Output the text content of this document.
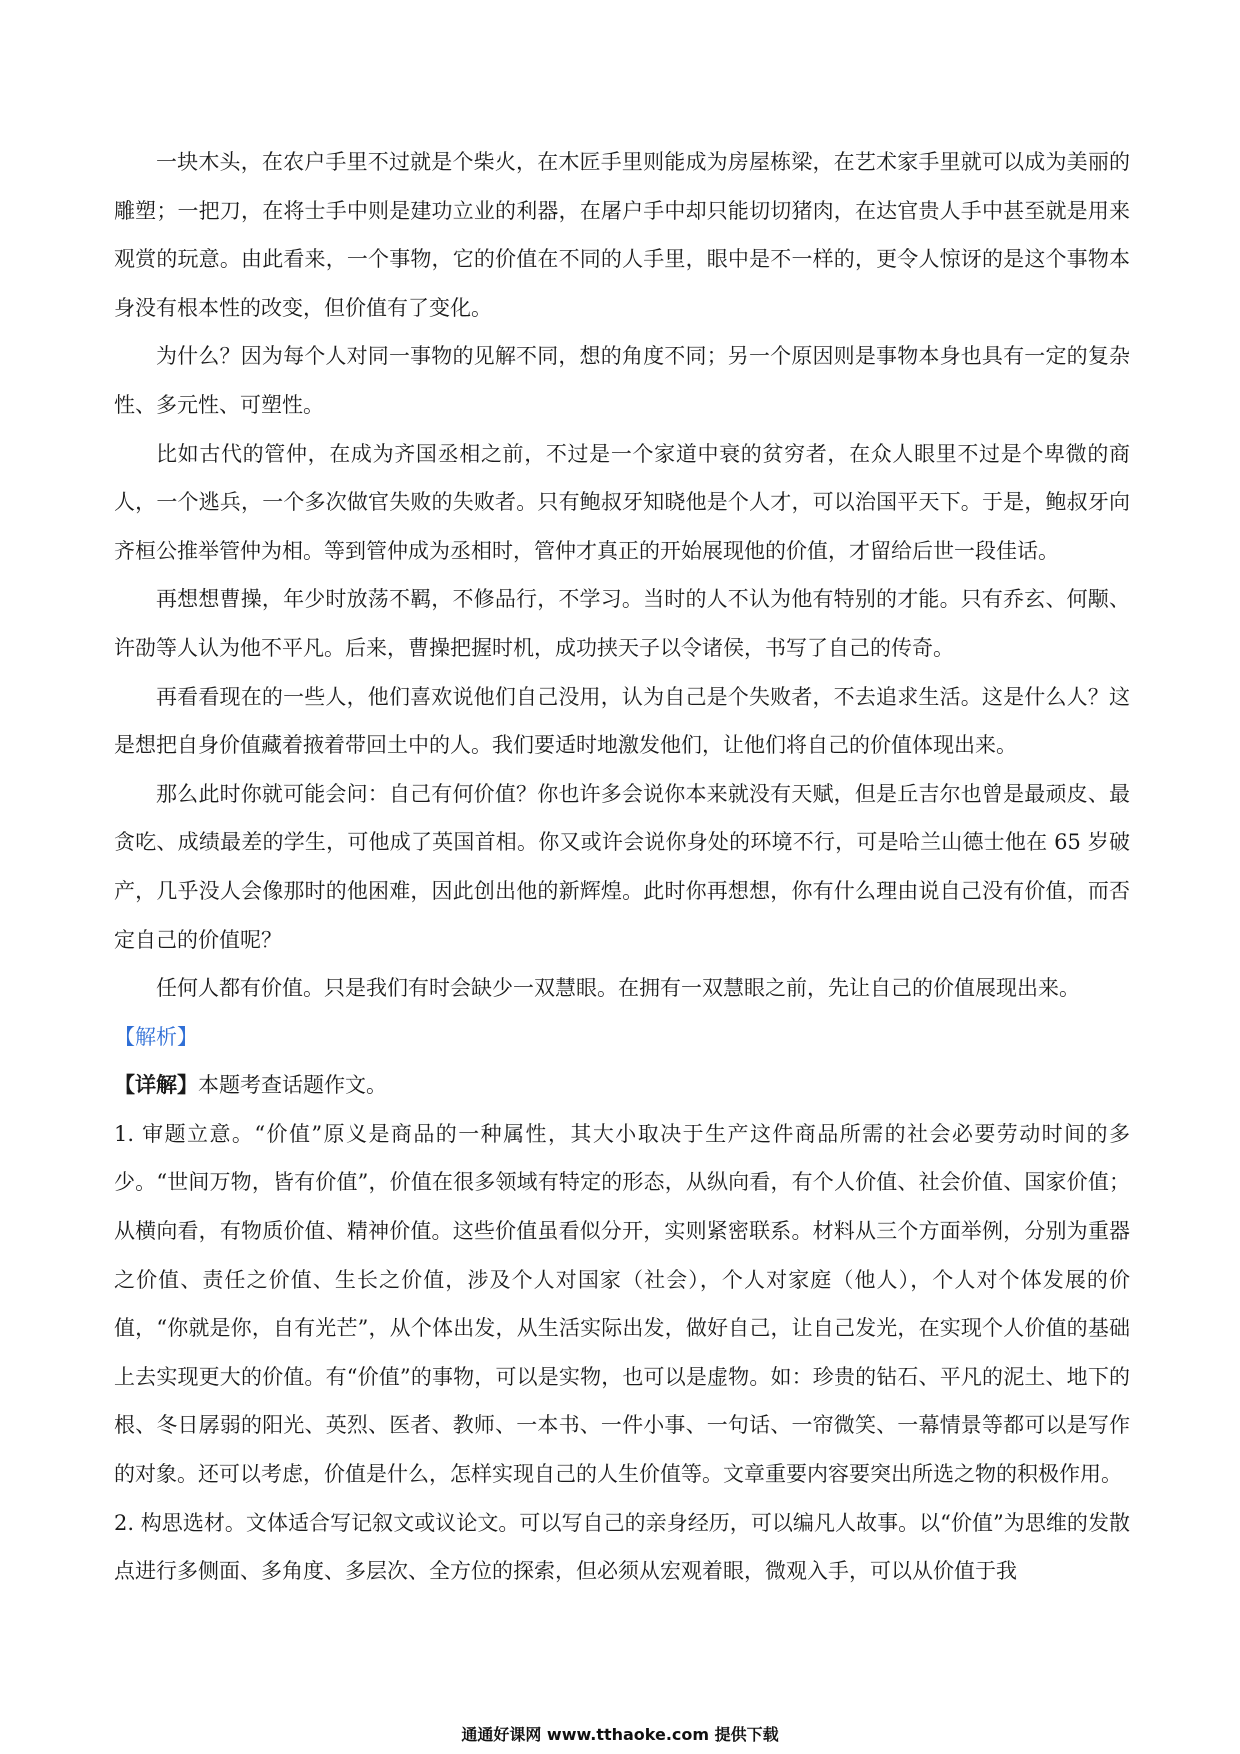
一块木头，在农户手里不过就是个柴火，在木匠手里则能成为房屋栋梁，在艺术家手里就可以成为美丽的雕塑；一把刀，在将士手中则是建功立业的利器，在屠户手中却只能切切猪肉，在达官贵人手中甚至就是用来观赏的玩意。由此看来，一个事物，它的价值在不同的人手里，眼中是不一样的，更令人惊讶的是这个事物本身没有根本性的改变，但价值有了变化。

为什么？因为每个人对同一事物的见解不同，想的角度不同；另一个原因则是事物本身也具有一定的复杂性、多元性、可塑性。

比如古代的管仲，在成为齐国丞相之前，不过是一个家道中衰的贫穷者，在众人眼里不过是个卑微的商人，一个逃兵，一个多次做官失败的失败者。只有鲍叔牙知晓他是个人才，可以治国平天下。于是，鲍叔牙向齐桓公推举管仲为相。等到管仲成为丞相时，管仲才真正的开始展现他的价值，才留给后世一段佳话。

再想想曹操，年少时放荡不羁，不修品行，不学习。当时的人不认为他有特别的才能。只有乔玄、何颙、许劭等人认为他不平凡。后来，曹操把握时机，成功挟天子以令诸侯，书写了自己的传奇。

再看看现在的一些人，他们喜欢说他们自己没用，认为自己是个失败者，不去追求生活。这是什么人？这是想把自身价值藏着掖着带回土中的人。我们要适时地激发他们，让他们将自己的价值体现出来。

那么此时你就可能会问：自己有何价值？你也许多会说你本来就没有天赋，但是丘吉尔也曾是最顽皮、最贪吃、成绩最差的学生，可他成了英国首相。你又或许会说你身处的环境不行，可是哈兰山德士他在 65 岁破产，几乎没人会像那时的他困难，因此创出他的新辉煌。此时你再想想，你有什么理由说自己没有价值，而否定自己的价值呢？

任何人都有价值。只是我们有时会缺少一双慧眼。在拥有一双慧眼之前，先让自己的价值展现出来。

【解析】

【详解】本题考查话题作文。

1. 审题立意。“价值”原义是商品的一种属性，其大小取决于生产这件商品所需的社会必要劳动时间的多少。“世间万物，皆有价值”，价值在很多领域有特定的形态，从纵向看，有个人价值、社会价值、国家价值；从横向看，有物质价值、精神价值。这些价值虽看似分开，实则紧密联系。材料从三个方面举例，分别为重器之价值、责任之价值、生长之价值，涉及个人对国家（社会），个人对家庭（他人），个人对个体发展的价值，“你就是你，自有光芒”，从个体出发，从生活实际出发，做好自己，让自己发光，在实现个人价值的基础上去实现更大的价值。有“价值”的事物，可以是实物，也可以是虚物。如：珍贵的钻石、平凡的泥土、地下的根、冬日孱弱的阳光、英烈、医者、教师、一本书、一件小事、一句话、一帘微笑、一幕情景等都可以是写作的对象。还可以考虑，价值是什么，怎样实现自己的人生价值等。文章重要内容要突出所选之物的积极作用。

2. 构思选材。文体适合写记叙文或议论文。可以写自己的亲身经历，可以编凡人故事。以“价值”为思维的发散点进行多侧面、多角度、多层次、全方位的探索，但必须从宏观着眼，微观入手，可以从价值于我

通通好课网 www.tthaoke.com 提供下载
